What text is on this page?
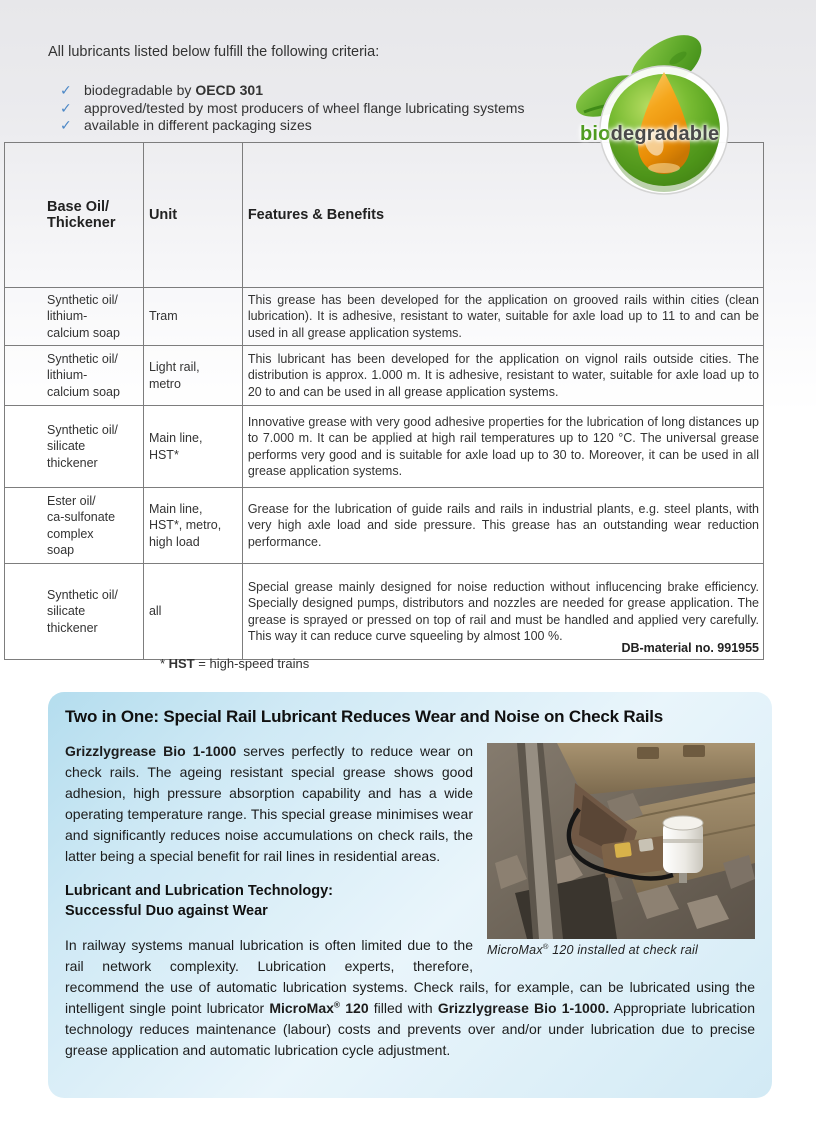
All lubricants listed below fulfill the following criteria:

✓ biodegradable by OECD 301
✓ approved/tested by most producers of wheel flange lubricating systems
✓ available in different packaging sizes	biodegradable
Base Oil/
Thickener	Unit	Features & Benefits
Synthetic oil/
lithium-
calcium soap	Tram	This grease has been developed for the application on grooved rails within cities (clean lubrication). It is adhesive, resistant to water, suitable for axle load up to 11 to and can be used in all grease application systems.
Synthetic oil/
lithium-
calcium soap	Light rail,
metro	This lubricant has been developed for the application on vignol rails outside cities. The distribution is approx. 1.000 m. It is adhesive, resistant to water, suitable for axle load up to 20 to and can be used in all grease application systems.
Synthetic oil/
silicate
thickener	Main line,
HST*	Innovative grease with very good adhesive properties for the lubrication of long distances up to 7.000 m. It can be applied at high rail temperatures up to 120 °C. The universal grease performs very good and is suitable for axle load up to 30 to. Moreover, it can be used in all grease application systems.
Ester oil/
ca-sulfonate
complex
soap	Main line,
HST*, metro,
high load	Grease for the lubrication of guide rails and rails in industrial plants, e.g. steel plants, with very high axle load and side pressure. This grease has an outstanding wear reduction performance.
Synthetic oil/
silicate
thickener	all	Special grease mainly designed for noise reduction without influcencing brake efficiency. Specially designed pumps, distributors and nozzles are needed for grease application. The grease is sprayed or pressed on top of rail and must be handled and applied very carefully. This way it can reduce curve squeeling by almost 100 %.
DB-material no. 991955
* HST = high-speed trains
Two in One: Special Rail Lubricant Reduces Wear and Noise on Check Rails
MicroMax® 120 installed at check rail

Grizzlygrease Bio 1-1000 serves perfectly to reduce wear on check rails. The ageing resistant special grease shows good adhesion, high pressure absorption capability and has a wide operating temperature range. This special grease minimises wear and significantly reduces noise accumulations on check rails, the latter being a special benefit for rail lines in residential areas.

Lubricant and Lubrication Technology:
Successful Duo against Wear

In railway systems manual lubrication is often limited due to the rail network complexity. Lubrication experts, therefore, recommend the use of automatic lubrication systems. Check rails, for example, can be lubricated using the intelligent single point lubricator MicroMax® 120 filled with Grizzlygrease Bio 1-1000. Appropriate lubrication technology reduces maintenance (labour) costs and prevents over and/or under lubrication due to precise grease application and automatic lubrication cycle adjustment.
